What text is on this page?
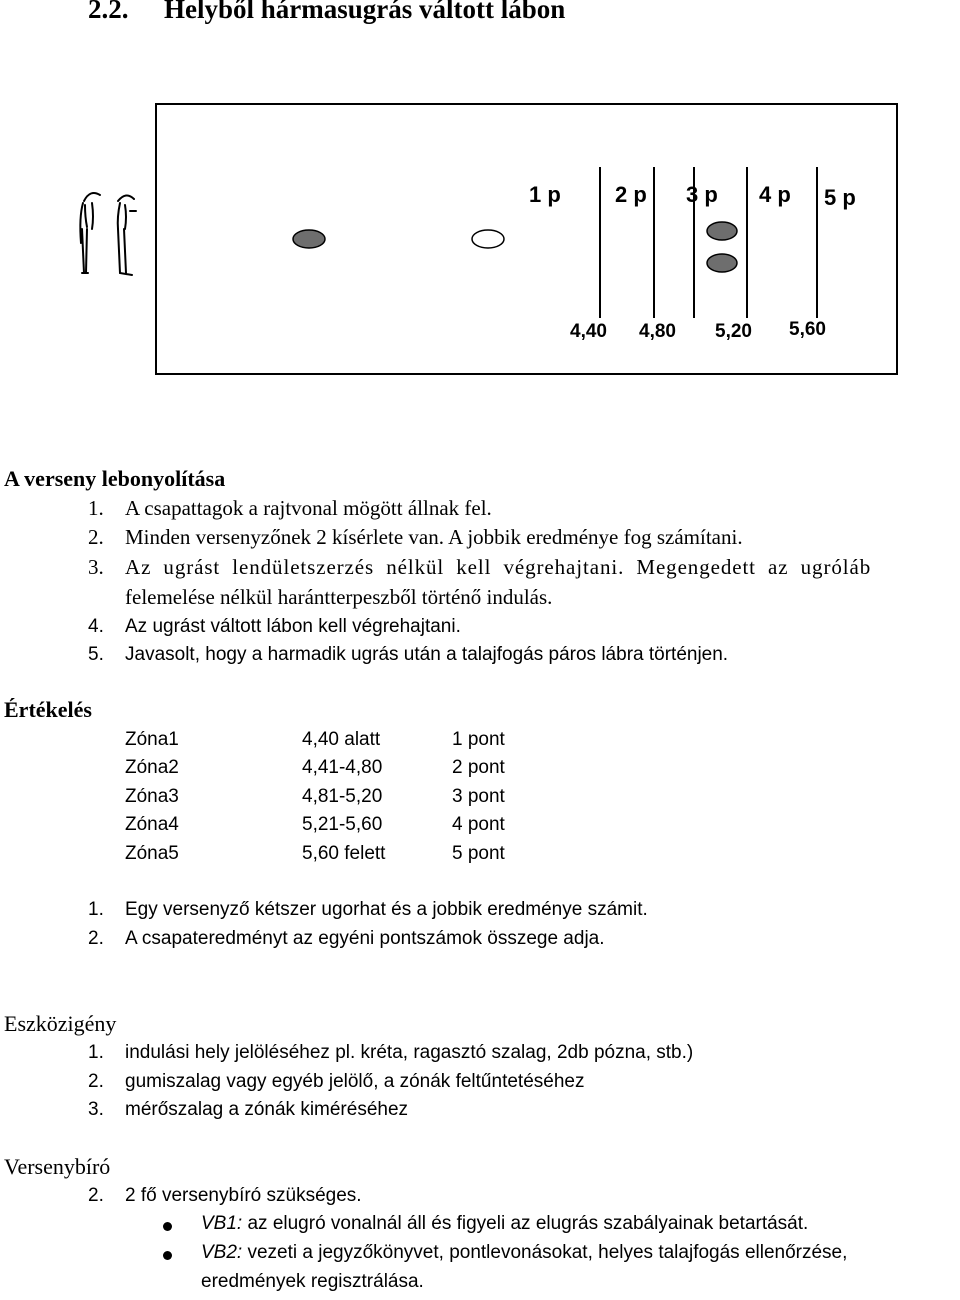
2.2. Helyből hármasugrás váltott lábon
1 p 2 p 3 p 4 p 5 p
4,40 4,80 5,20 5,60
A verseny lebonyolítása
1. A csapattagok a rajtvonal mögött állnak fel.
2. Minden versenyzőnek 2 kísérlete van. A jobbik eredménye fog számítani.
3. Az ugrást lendületszerzés nélkül kell végrehajtani. Megengedett az ugróláb
felemelése nélkül harántterpeszből történő indulás.
4. Az ugrást váltott lábon kell végrehajtani.
5. Javasolt, hogy a harmadik ugrás után a talajfogás páros lábra történjen.
Értékelés
Zóna1	4,40 alatt	1 pont
Zóna2	4,41-4,80	2 pont
Zóna3	4,81-5,20	3 pont
Zóna4	5,21-5,60	4 pont
Zóna5	5,60 felett	5 pont
1. Egy versenyző kétszer ugorhat és a jobbik eredménye számit.
2. A csapateredményt az egyéni pontszámok összege adja.
Eszközigény
1. indulási hely jelöléséhez pl. kréta, ragasztó szalag, 2db pózna, stb.)
2. gumiszalag vagy egyéb jelölő, a zónák feltűntetéséhez
3. mérőszalag a zónák kiméréséhez
Versenybíró
2. 2 fő versenybíró szükséges.
VB1: az elugró vonalnál áll és figyeli az elugrás szabályainak betartását.
VB2: vezeti a jegyzőkönyvet, pontlevonásokat, helyes talajfogás ellenőrzése,
eredmények regisztrálása.
